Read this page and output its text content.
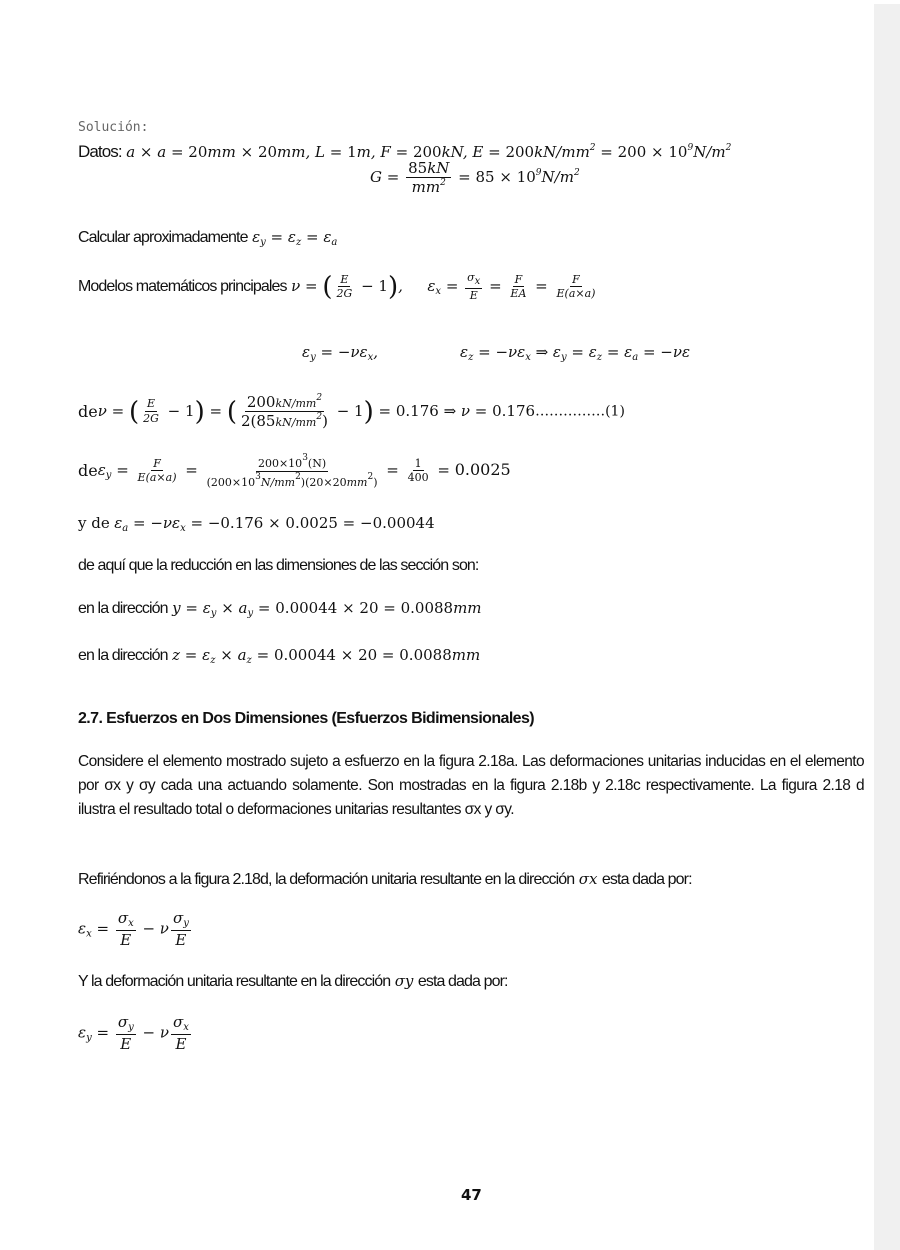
Solución:
Datos: a × a = 20mm × 20mm, L = 1m, F = 200kN, $E = 200kN/mm^2 = 200 \times 10^9N/m^2$
$G = \frac{85kN}{mm^2} = 85 \times 10^9N/m^2$
Calcular aproximadamente $\varepsilon_y = \varepsilon_z = \varepsilon_a$
Modelos matemáticos principales ν = ( $\frac{E}{2G} - 1$), $\varepsilon_x = \frac{\sigma x}{E} = \frac{F}{EA} = \frac{F}{E(a\times a)}$
$\varepsilon_y = -\nu\varepsilon_x$,	$\varepsilon_z = -\nu\varepsilon_x$ ⇒ $\varepsilon_y = \varepsilon_z = \varepsilon_a = -\nu\varepsilon$
deν = ( $\frac{E}{2G} - 1$) = ( $\frac{200kN/mm^2}{2(85kN/mm^2)} - 1) = 0.176$ ⇒ ν = 0.176……………(1)
$de\varepsilon_y = \frac{F}{E(a\times a)} = \frac{200\times 10^3(N)}{(200\times 10^3N/mm^2)(20\times 20mm^2)} = \frac{1}{400} = 0.0025$
y de $\varepsilon_a = -\nu\varepsilon_x = -0.176 \times 0.0025 = -0.00044$
de aquí que la reducción en las dimensiones de las sección son:
en la dirección $y = \varepsilon_y \times a_y = 0.00044 \times 20 = 0.0088mm$
en la dirección $z = \varepsilon_z \times a_z = 0.00044 \times 20 = 0.0088mm$
2.7. Esfuerzos en Dos Dimensiones (Esfuerzos Bidimensionales)
Considere el elemento mostrado sujeto a esfuerzo en la figura 2.18a. Las deformaciones unitarias inducidas en el elemento por σx y σy cada una actuando solamente. Son mostradas en la figura 2.18b y 2.18c respectivamente. La figura 2.18 d ilustra el resultado total o deformaciones unitarias resultantes σx y σy.
Refiriéndonos a la figura 2.18d, la deformación unitaria resultante en la dirección σx esta dada por:
$\varepsilon_x = \frac{\sigma_x}{E} - \nu \frac{\sigma_y}{E}$
Y la deformación unitaria resultante en la dirección σy esta dada por:
$\varepsilon_y = \frac{\sigma_y}{E} - \nu \frac{\sigma_x}{E}$
47
